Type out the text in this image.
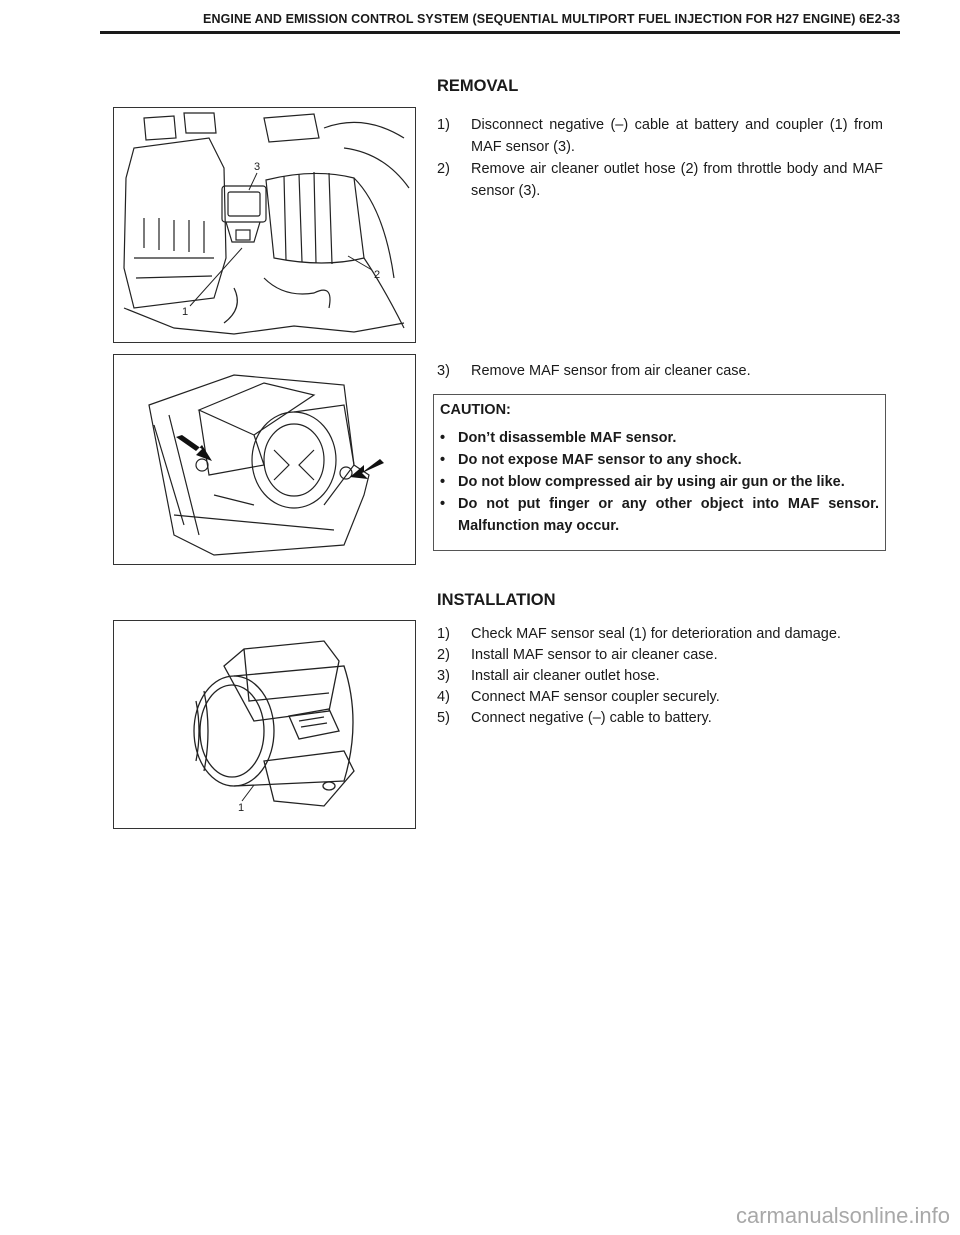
ENGINE AND EMISSION CONTROL SYSTEM (SEQUENTIAL MULTIPORT FUEL INJECTION FOR H27 ENGINE) 6E2-33
REMOVAL
3
2
1
1)	Disconnect negative (–) cable at battery and coupler (1) from MAF sensor (3).
2)	Remove air cleaner outlet hose (2) from throttle body and MAF sensor (3).
3)	Remove MAF sensor from air cleaner case.
CAUTION:
• Don’t disassemble MAF sensor.
• Do not expose MAF sensor to any shock.
• Do not blow compressed air by using air gun or the like.
• Do not put finger or any other object into MAF sensor. Malfunction may occur.
INSTALLATION
1
1)	Check MAF sensor seal (1) for deterioration and damage.
2)	Install MAF sensor to air cleaner case.
3)	Install air cleaner outlet hose.
4)	Connect MAF sensor coupler securely.
5)	Connect negative (–) cable to battery.
carmanualsonline.info
